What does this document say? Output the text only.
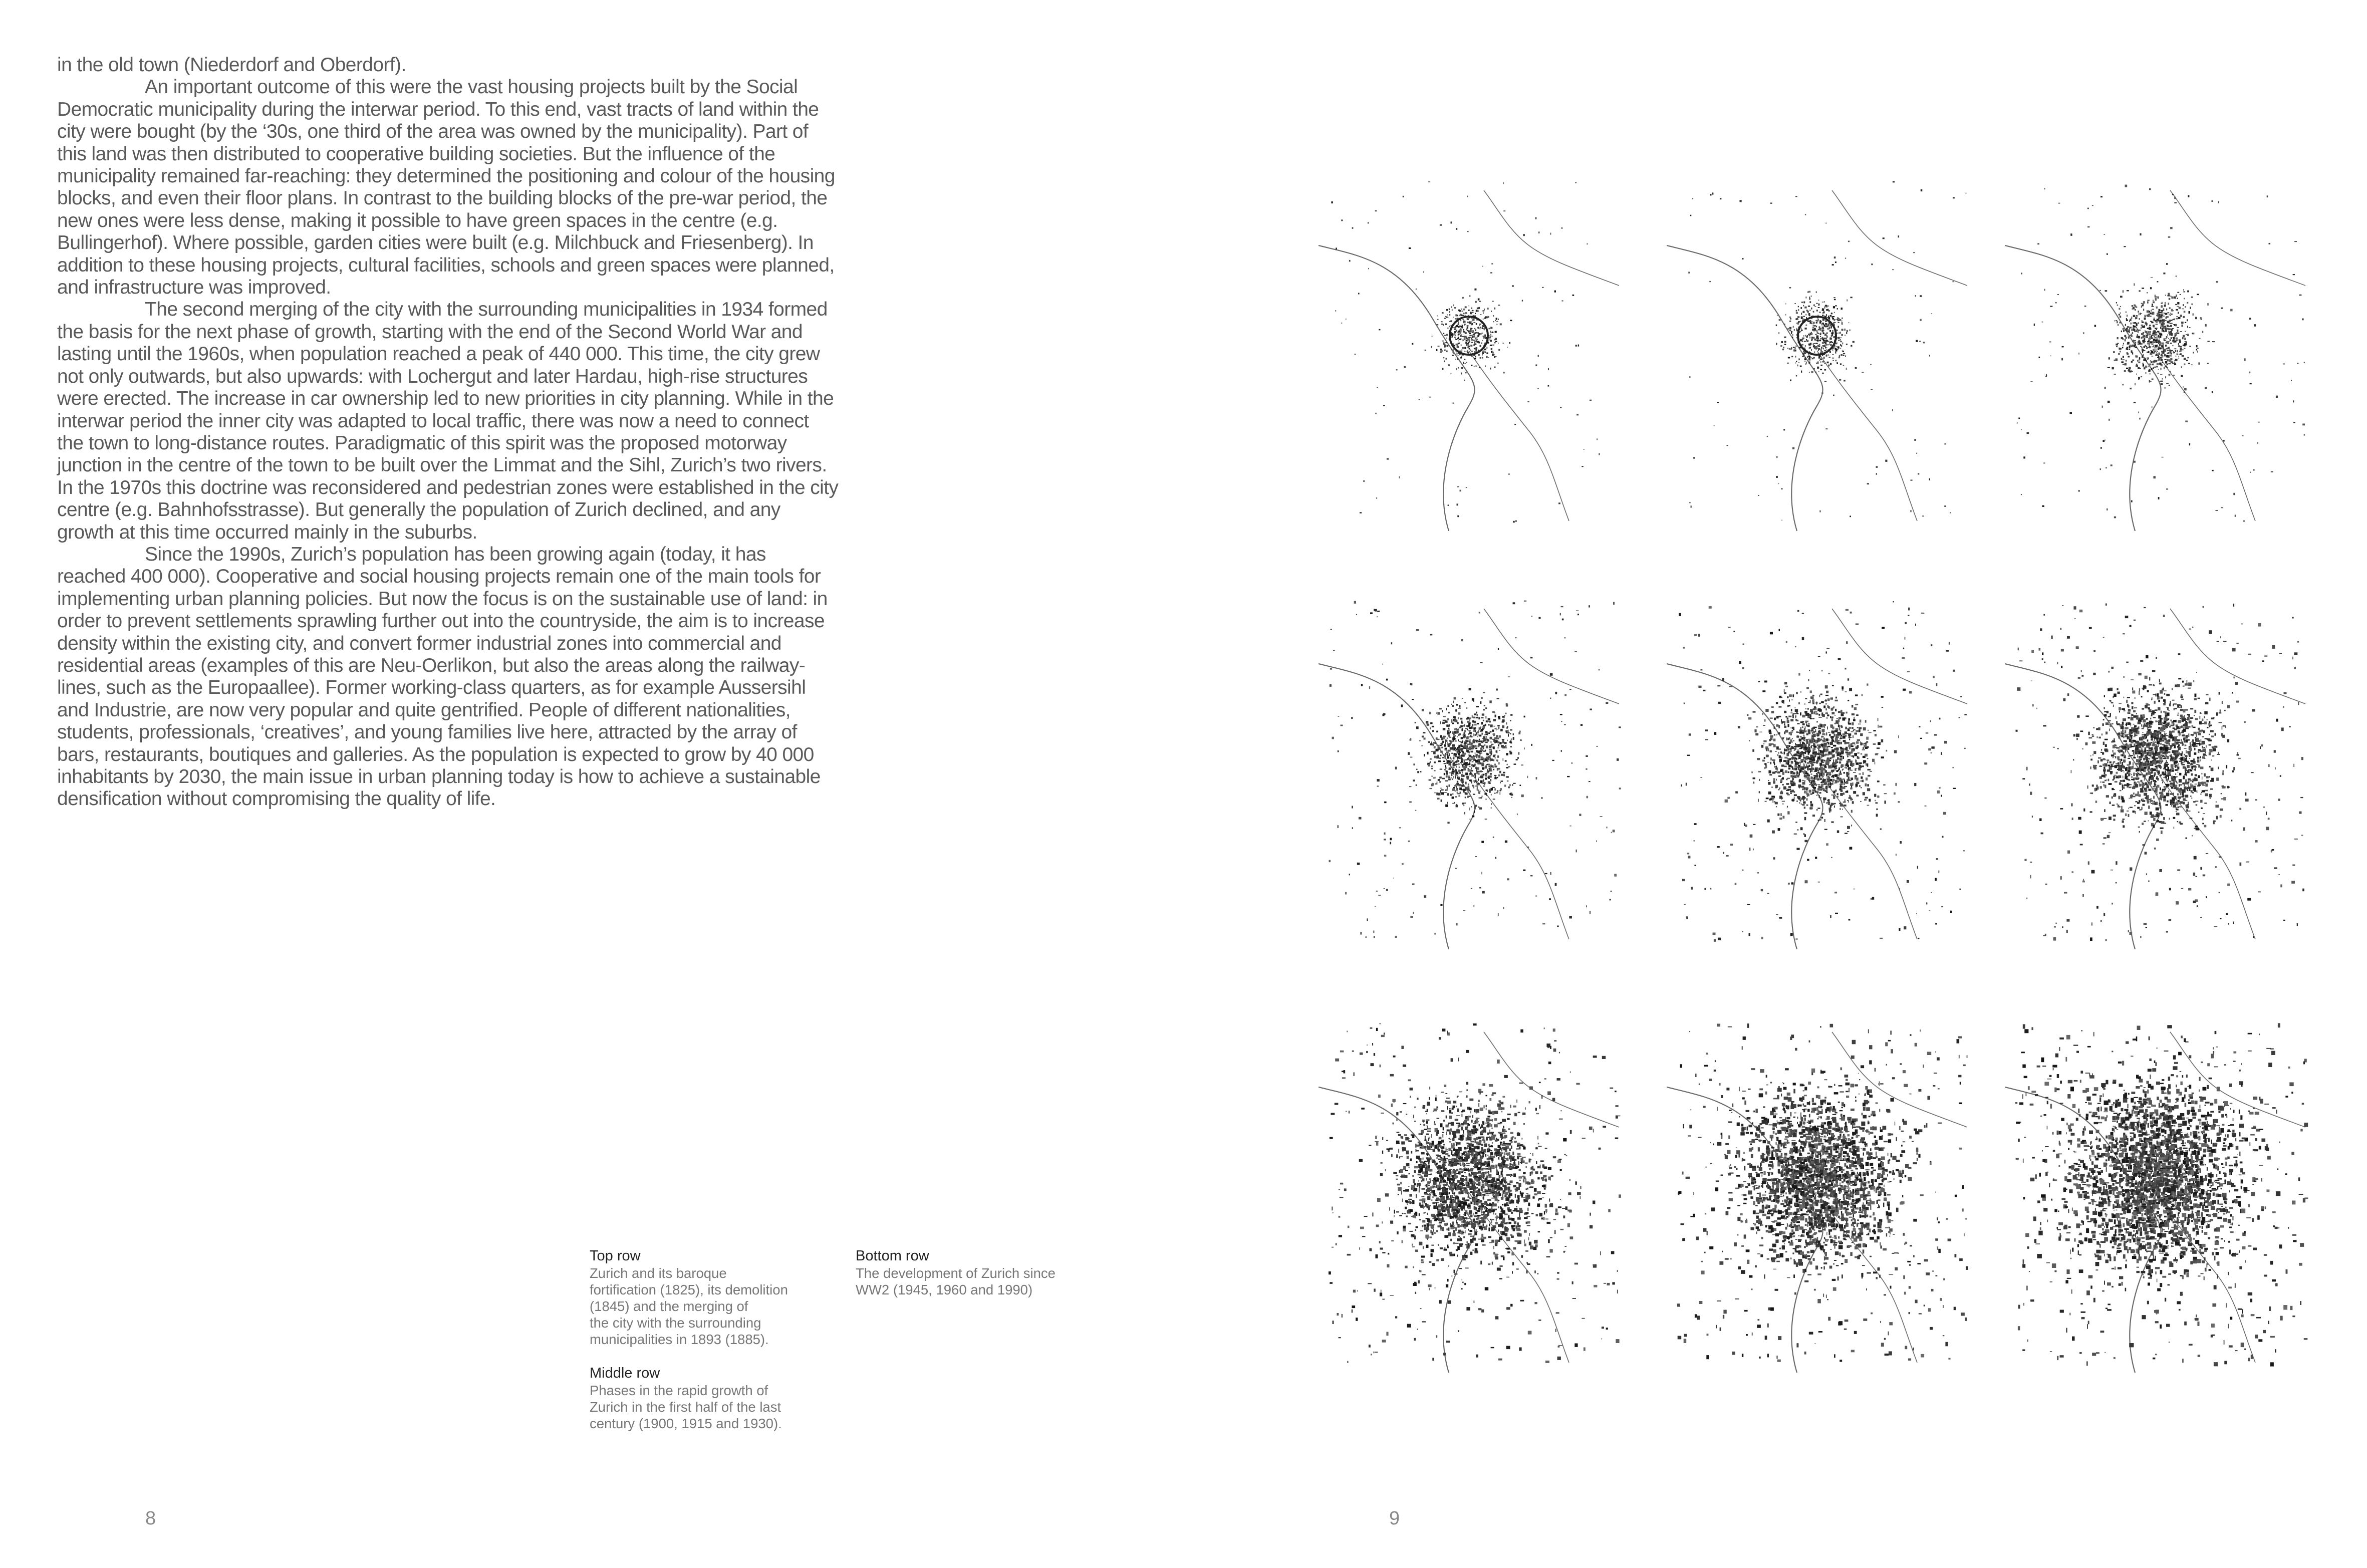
in the old town (Niederdorf and Oberdorf).

An important outcome of this were the vast housing projects built by the Social Democratic municipality during the interwar period. To this end, vast tracts of land within the city were bought (by the ‘30s, one third of the area was owned by the municipality). Part of this land was then distributed to cooperative building societies. But the influence of the municipality remained far-reaching: they determined the positioning and colour of the housing blocks, and even their floor plans. In contrast to the building blocks of the pre-war period, the new ones were less dense, making it possible to have green spaces in the centre (e.g. Bullingerhof). Where possible, garden cities were built (e.g. Milchbuck and Friesenberg). In addition to these housing projects, cultural facilities, schools and green spaces were planned, and infrastructure was improved.

The second merging of the city with the surrounding municipalities in 1934 formed the basis for the next phase of growth, starting with the end of the Second World War and lasting until the 1960s, when population reached a peak of 440 000. This time, the city grew not only outwards, but also upwards: with Lochergut and later Hardau, high-rise structures were erected. The increase in car ownership led to new priorities in city planning. While in the interwar period the inner city was adapted to local traffic, there was now a need to connect the town to long-distance routes. Paradigmatic of this spirit was the proposed motorway junction in the centre of the town to be built over the Limmat and the Sihl, Zurich’s two rivers. In the 1970s this doctrine was reconsidered and pedestrian zones were established in the city centre (e.g. Bahnhofsstrasse). But generally the population of Zurich declined, and any growth at this time occurred mainly in the suburbs.

Since the 1990s, Zurich’s population has been growing again (today, it has reached 400 000). Cooperative and social housing projects remain one of the main tools for implementing urban planning policies. But now the focus is on the sustainable use of land: in order to prevent settlements sprawling further out into the countryside, the aim is to increase density within the existing city, and convert former industrial zones into commercial and residential areas (examples of this are Neu-Oerlikon, but also the areas along the railway-lines, such as the Europaallee). Former working-class quarters, as for example Aussersihl and Industrie, are now very popular and quite gentrified. People of different nationalities, students, professionals, ‘creatives’, and young families live here, attracted by the array of bars, restaurants, boutiques and galleries. As the population is expected to grow by 40 000 inhabitants by 2030, the main issue in urban planning today is how to achieve a sustainable densification without compromising the quality of life.

Top row
Zurich and its baroque
fortification (1825), its demolition
(1845) and the merging of
the city with the surrounding
municipalities in 1893 (1885).
Middle row
Phases in the rapid growth of
Zurich in the first half of the last
century (1900, 1915 and 1930).
Bottom row
The development of Zurich since
WW2 (1945, 1960 and 1990)
8	9
